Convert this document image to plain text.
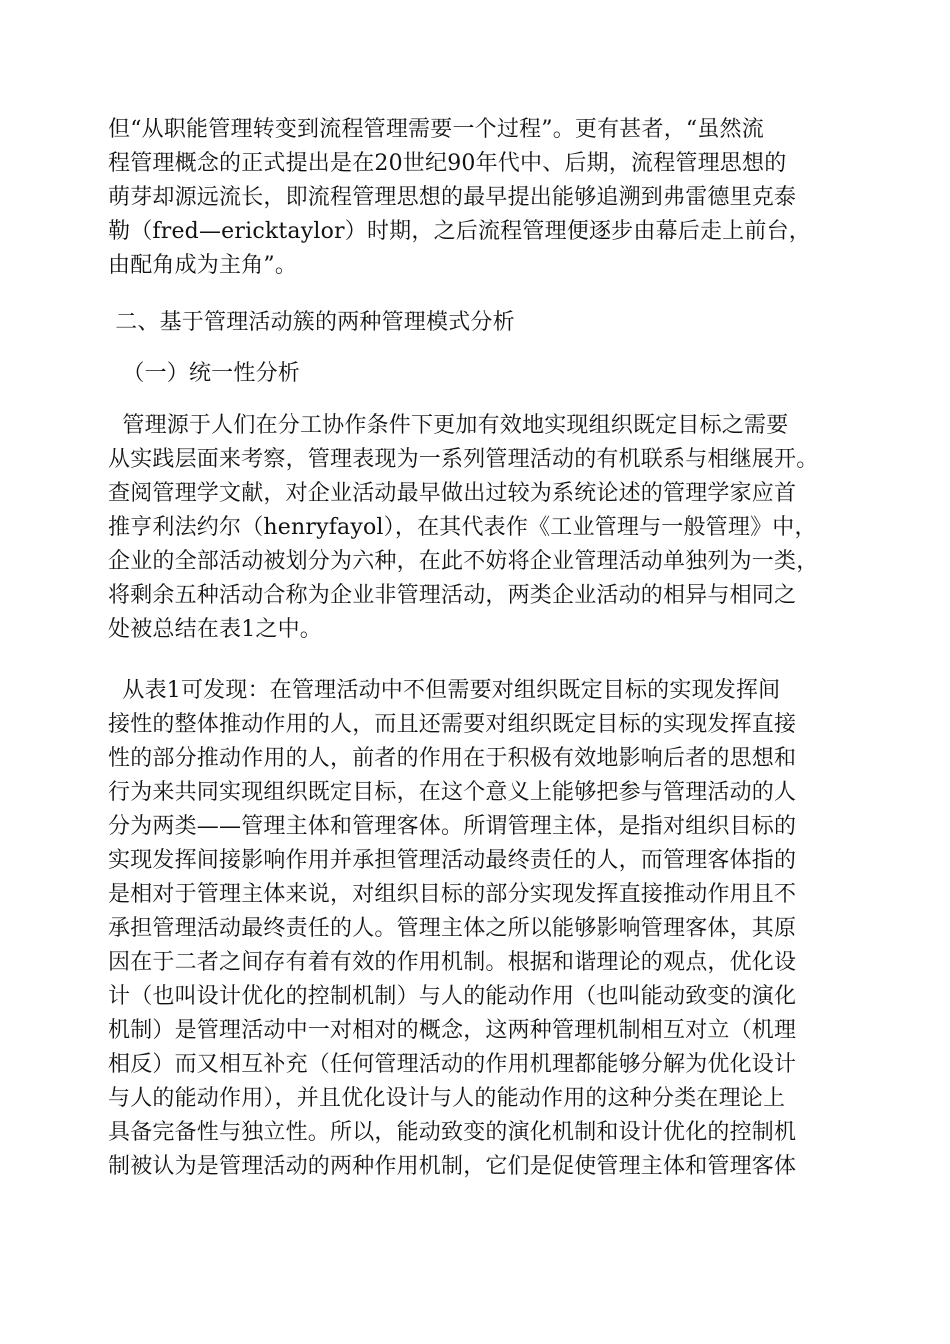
但“从职能管理转变到流程管理需要一个过程”。更有甚者，“虽然流
程管理概念的正式提出是在20世纪90年代中、后期，流程管理思想的
萌芽却源远流长，即流程管理思想的最早提出能够追溯到弗雷德里克泰
勒（fred—ericktaylor）时期，之后流程管理便逐步由幕后走上前台，
由配角成为主角”。
二、基于管理活动簇的两种管理模式分析
（一）统一性分析
管理源于人们在分工协作条件下更加有效地实现组织既定目标之需要
从实践层面来考察，管理表现为一系列管理活动的有机联系与相继展开。
查阅管理学文献，对企业活动最早做出过较为系统论述的管理学家应首
推亨利法约尔（henryfayol），在其代表作《工业管理与一般管理》中，
企业的全部活动被划分为六种，在此不妨将企业管理活动单独列为一类，
将剩余五种活动合称为企业非管理活动，两类企业活动的相异与相同之
处被总结在表1之中。
从表1可发现：在管理活动中不但需要对组织既定目标的实现发挥间
接性的整体推动作用的人，而且还需要对组织既定目标的实现发挥直接
性的部分推动作用的人，前者的作用在于积极有效地影响后者的思想和
行为来共同实现组织既定目标，在这个意义上能够把参与管理活动的人
分为两类——管理主体和管理客体。所谓管理主体，是指对组织目标的
实现发挥间接影响作用并承担管理活动最终责任的人，而管理客体指的
是相对于管理主体来说，对组织目标的部分实现发挥直接推动作用且不
承担管理活动最终责任的人。管理主体之所以能够影响管理客体，其原
因在于二者之间存有着有效的作用机制。根据和谐理论的观点，优化设
计（也叫设计优化的控制机制）与人的能动作用（也叫能动致变的演化
机制）是管理活动中一对相对的概念，这两种管理机制相互对立（机理
相反）而又相互补充（任何管理活动的作用机理都能够分解为优化设计
与人的能动作用），并且优化设计与人的能动作用的这种分类在理论上
具备完备性与独立性。所以，能动致变的演化机制和设计优化的控制机
制被认为是管理活动的两种作用机制，它们是促使管理主体和管理客体
